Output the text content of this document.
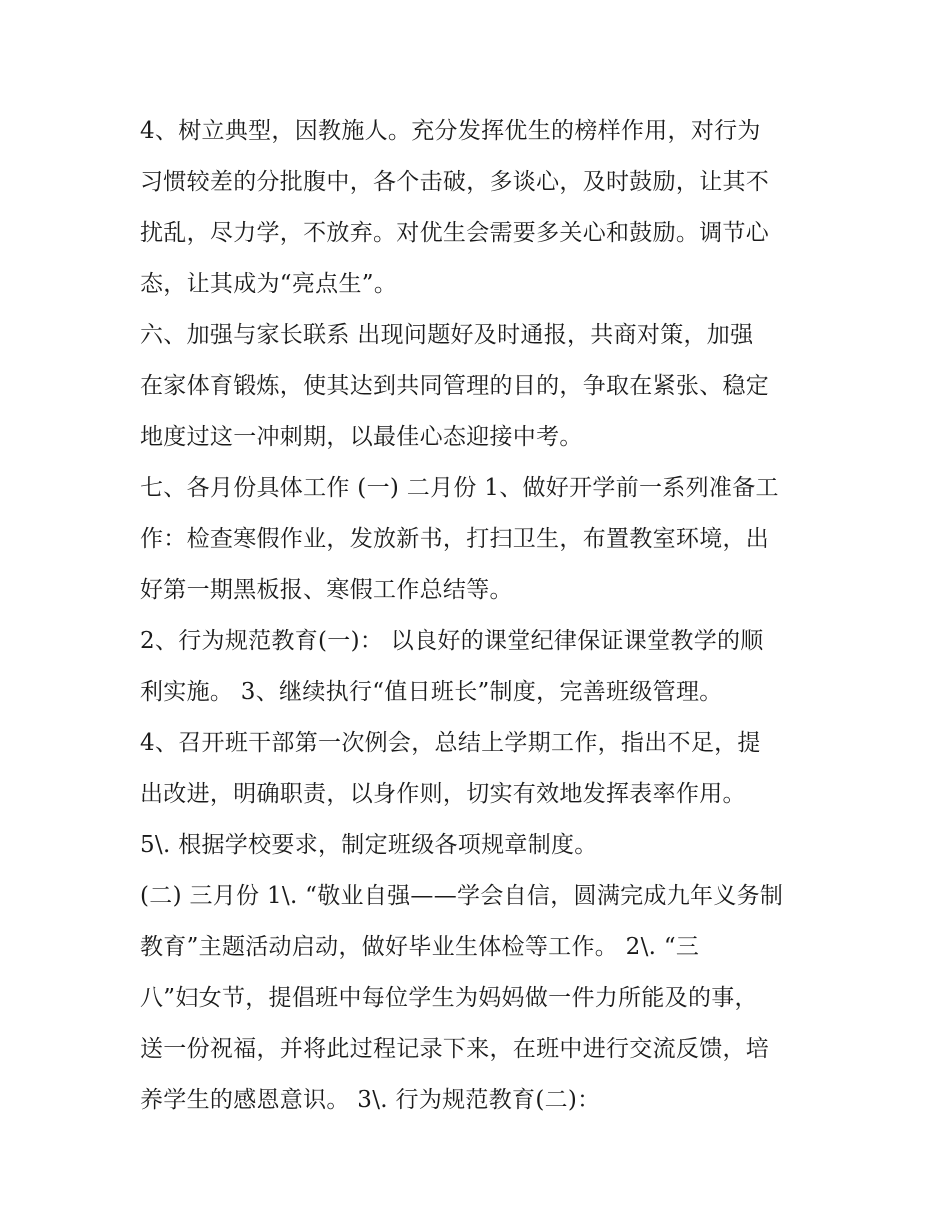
4、树立典型，因教施人。充分发挥优生的榜样作用，对行为
习惯较差的分批腹中，各个击破，多谈心，及时鼓励，让其不
扰乱，尽力学，不放弃。对优生会需要多关心和鼓励。调节心
态，让其成为“亮点生”。
六、加强与家长联系 出现问题好及时通报，共商对策，加强
在家体育锻炼，使其达到共同管理的目的，争取在紧张、稳定
地度过这一冲刺期，以最佳心态迎接中考。
七、各月份具体工作 (一) 二月份 1、做好开学前一系列准备工
作：检查寒假作业，发放新书，打扫卫生，布置教室环境，出
好第一期黑板报、寒假工作总结等。
2、行为规范教育(一)： 以良好的课堂纪律保证课堂教学的顺
利实施。 3、继续执行“值日班长”制度，完善班级管理。
4、召开班干部第一次例会，总结上学期工作，指出不足，提
出改进，明确职责，以身作则，切实有效地发挥表率作用。
5\. 根据学校要求，制定班级各项规章制度。
(二) 三月份 1\. “敬业自强——学会自信，圆满完成九年义务制
教育”主题活动启动，做好毕业生体检等工作。 2\. “三
八”妇女节，提倡班中每位学生为妈妈做一件力所能及的事，
送一份祝福，并将此过程记录下来，在班中进行交流反馈，培
养学生的感恩意识。 3\. 行为规范教育(二)：
